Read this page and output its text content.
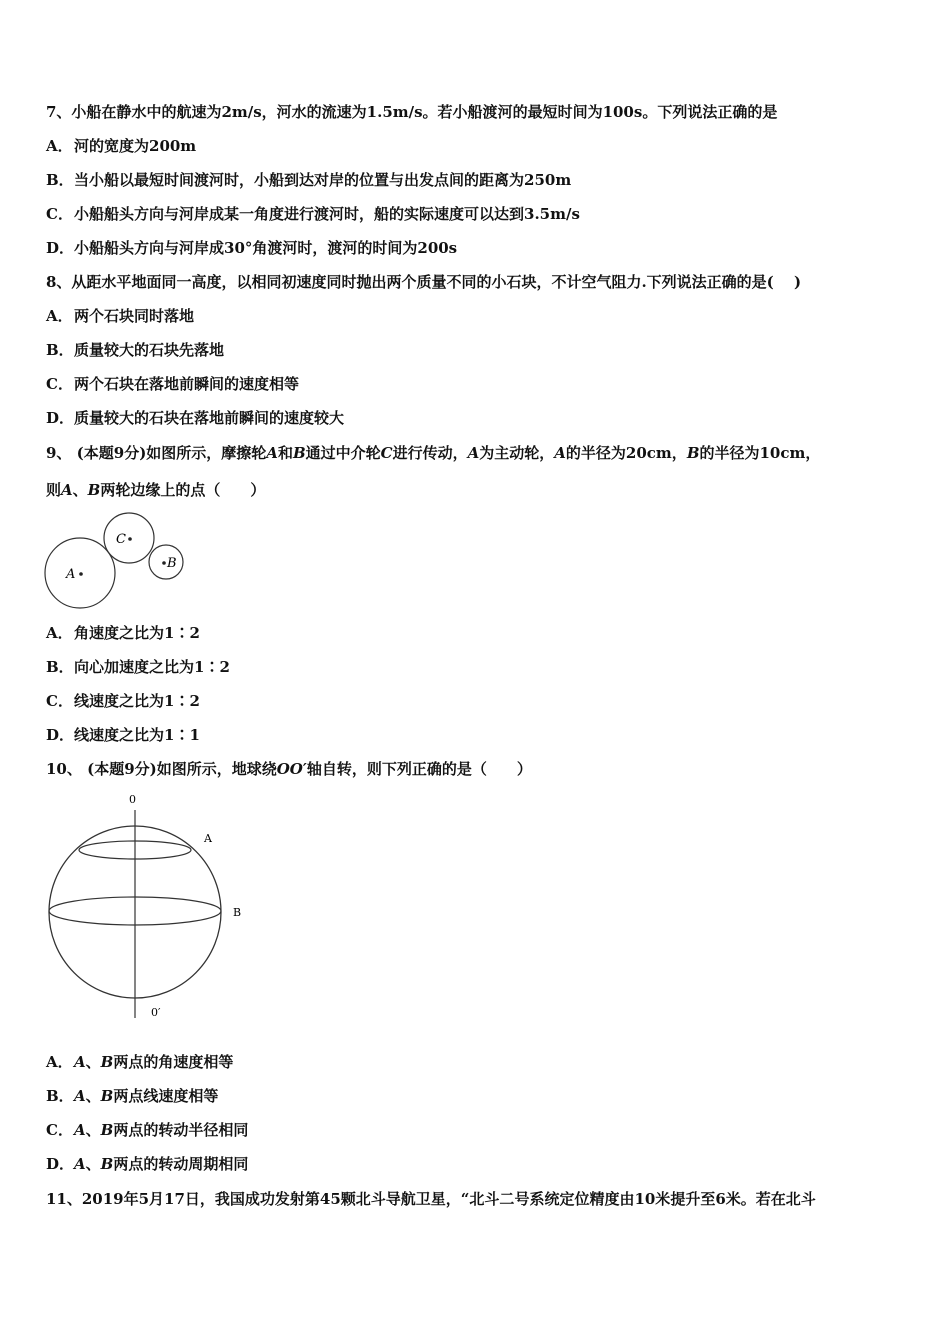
7、小船在静水中的航速为2m/s，河水的流速为1.5m/s。若小船渡河的最短时间为100s。下列说法正确的是
A．河的宽度为200m
B．当小船以最短时间渡河时，小船到达对岸的位置与出发点间的距离为250m
C．小船船头方向与河岸成某一角度进行渡河时，船的实际速度可以达到3.5m/s
D．小船船头方向与河岸成30°角渡河时，渡河的时间为200s
8、从距水平地面同一高度，以相同初速度同时抛出两个质量不同的小石块，不计空气阻力.下列说法正确的是(　 )
A．两个石块同时落地
B．质量较大的石块先落地
C．两个石块在落地前瞬间的速度相等
D．质量较大的石块在落地前瞬间的速度较大
9、 (本题9分)如图所示，摩擦轮A和B通过中介轮C进行传动，A为主动轮，A的半径为20cm，B的半径为10cm，
则A、B两轮边缘上的点（　　）
A
C
B
A．角速度之比为1∶2
B．向心加速度之比为1∶2
C．线速度之比为1∶2
D．线速度之比为1∶1
10、 (本题9分)如图所示，地球绕OO′轴自转，则下列正确的是（　　）
0
0′
A
B
A．A、B两点的角速度相等
B．A、B两点线速度相等
C．A、B两点的转动半径相同
D．A、B两点的转动周期相同
11、2019年5月17日，我国成功发射第45颗北斗导航卫星，“北斗二号系统定位精度由10米提升至6米。若在北斗
